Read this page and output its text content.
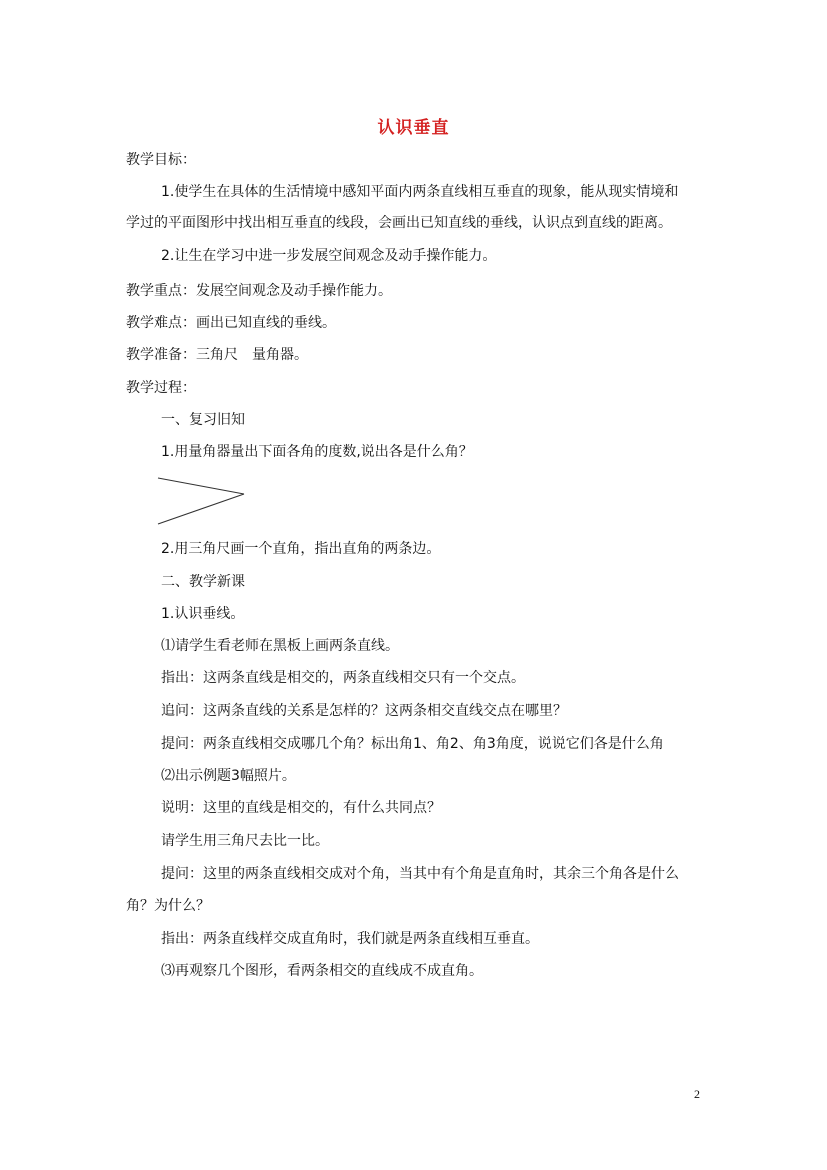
认识垂直
教学目标：
1.使学生在具体的生活情境中感知平面内两条直线相互垂直的现象，能从现实情境和
学过的平面图形中找出相互垂直的线段，会画出已知直线的垂线，认识点到直线的距离。
2.让生在学习中进一步发展空间观念及动手操作能力。
教学重点：发展空间观念及动手操作能力。
教学难点：画出已知直线的垂线。
教学准备：三角尺　量角器。
教学过程：
一、复习旧知
1.用量角器量出下面各角的度数,说出各是什么角？
2.用三角尺画一个直角，指出直角的两条边。
二、教学新课
1.认识垂线。
⑴请学生看老师在黑板上画两条直线。
指出：这两条直线是相交的，两条直线相交只有一个交点。
追问：这两条直线的关系是怎样的？这两条相交直线交点在哪里？
提问：两条直线相交成哪几个角？标出角1、角2、角3角度，说说它们各是什么角
⑵出示例题3幅照片。
说明：这里的直线是相交的，有什么共同点？
请学生用三角尺去比一比。
提问：这里的两条直线相交成对个角，当其中有个角是直角时，其余三个角各是什么
角？为什么？
指出：两条直线样交成直角时，我们就是两条直线相互垂直。
⑶再观察几个图形，看两条相交的直线成不成直角。
2
